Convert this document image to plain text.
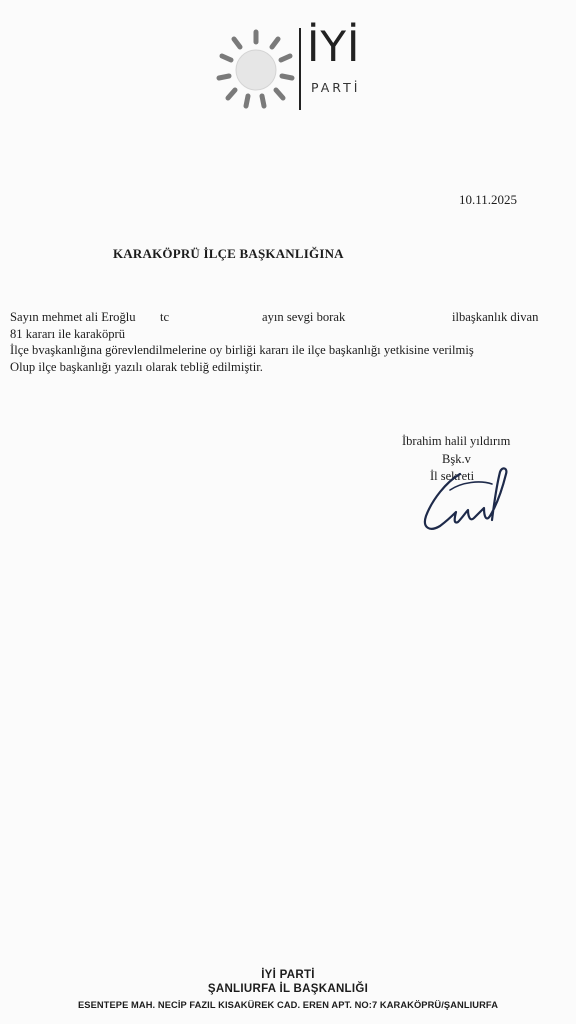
İYİ
PARTİ
10.11.2025
KARAKÖPRÜ İLÇE BAŞKANLIĞINA
Sayın mehmet ali Eroğlu tc	ayın sevgi borak	ilbaşkanlık divan
81 kararı ile karaköprü
İlçe bvaşkanlığına görevlendilmelerine oy birliği kararı ile ilçe başkanlığı yetkisine verilmiş
Olup ilçe başkanlığı yazılı olarak tebliğ edilmiştir.
İbrahim halil yıldırım
Bşk.v
İl sekreti
İYİ PARTİ
ŞANLIURFA İL BAŞKANLIĞI
ESENTEPE MAH. NECİP FAZIL KISAKÜREK CAD. EREN APT. NO:7 KARAKÖPRÜ/ŞANLIURFA
